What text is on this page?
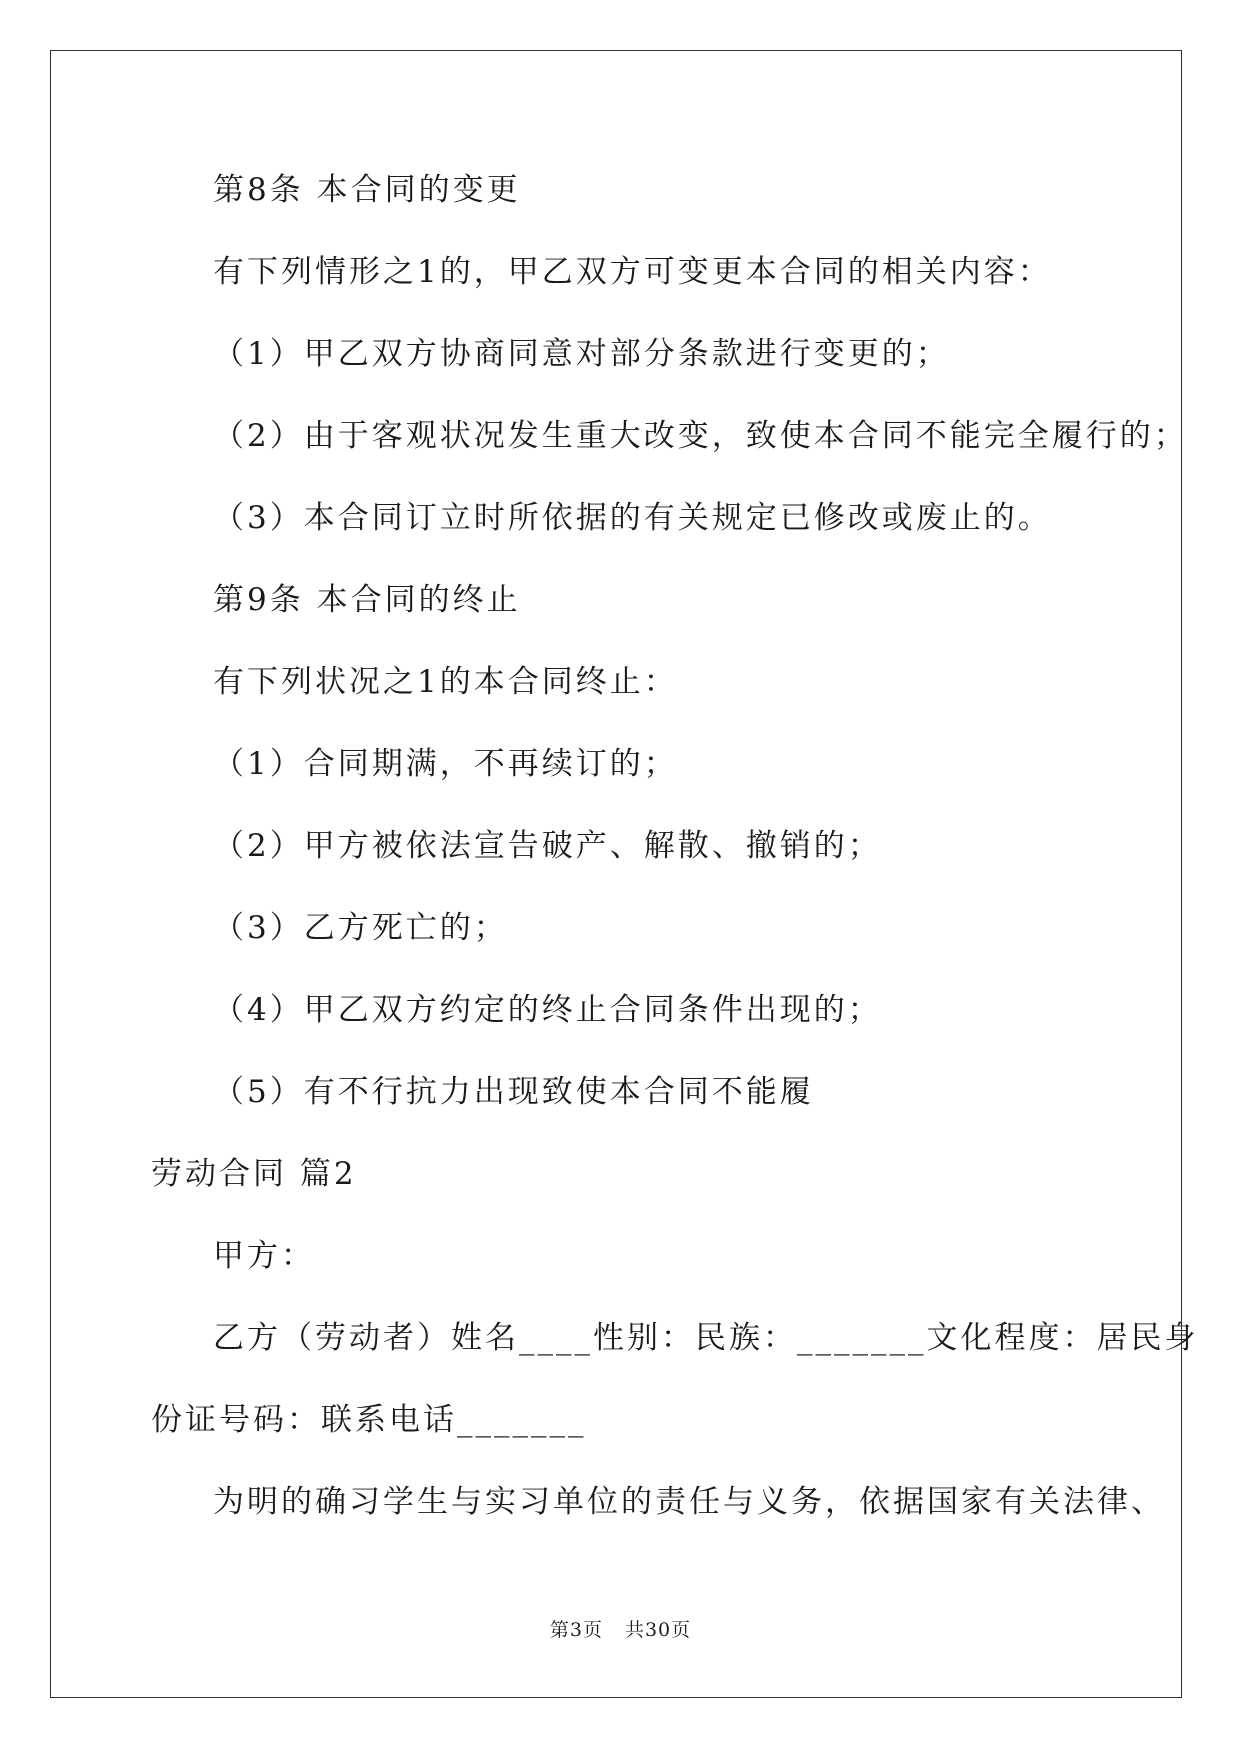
第8条 本合同的变更
有下列情形之1的，甲乙双方可变更本合同的相关内容：
（1）甲乙双方协商同意对部分条款进行变更的；
（2）由于客观状况发生重大改变，致使本合同不能完全履行的；
（3）本合同订立时所依据的有关规定已修改或废止的。
第9条 本合同的终止
有下列状况之1的本合同终止：
（1）合同期满，不再续订的；
（2）甲方被依法宣告破产、解散、撤销的；
（3）乙方死亡的；
（4）甲乙双方约定的终止合同条件出现的；
（5）有不行抗力出现致使本合同不能履
劳动合同 篇2
甲方：
乙方（劳动者）姓名____性别：民族：_______文化程度：居民身
份证号码：联系电话_______
为明的确习学生与实习单位的责任与义务，依据国家有关法律、
第3页 共30页
